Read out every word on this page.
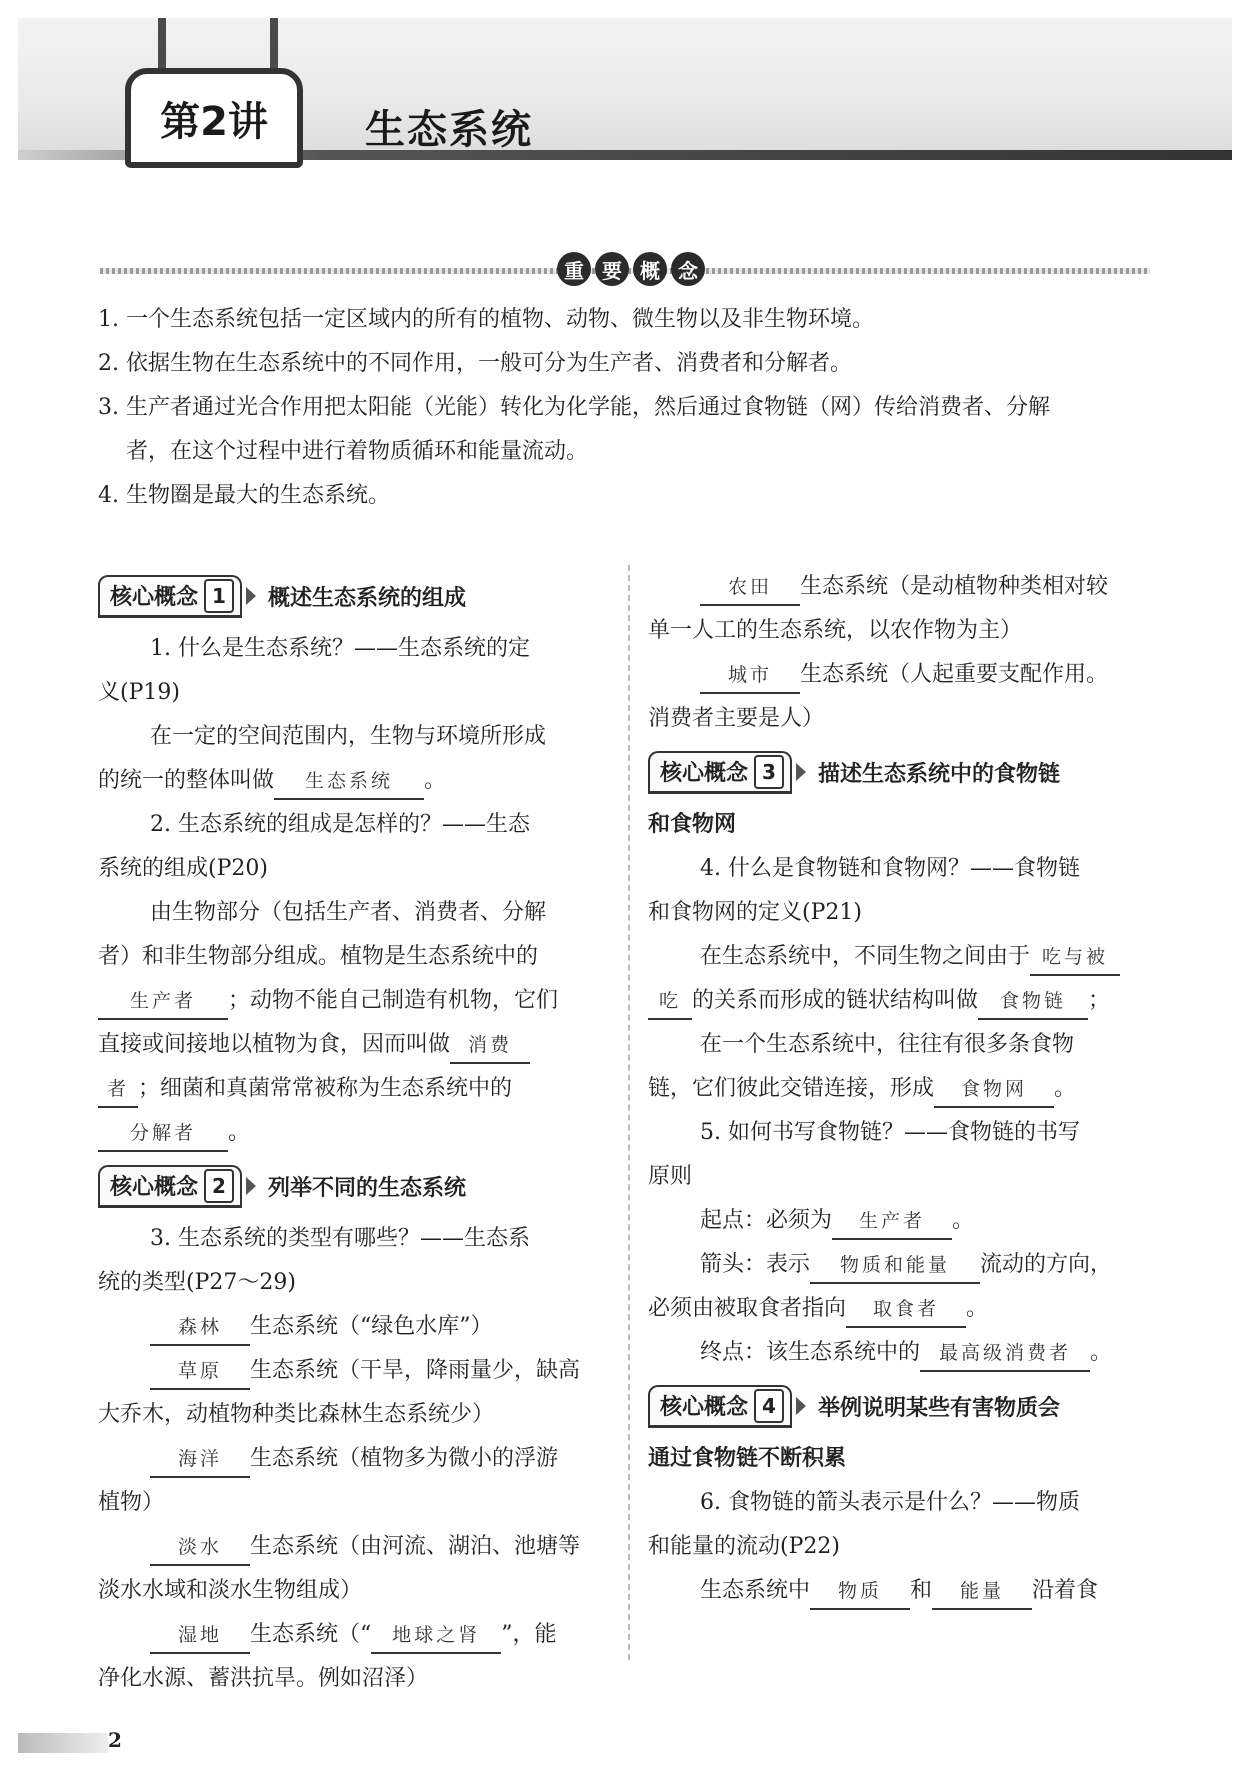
第2讲	生态系统
重 要 概 念
1. 一个生态系统包括一定区域内的所有的植物、动物、微生物以及非生物环境。
2. 依据生物在生态系统中的不同作用，一般可分为生产者、消费者和分解者。
3. 生产者通过光合作用把太阳能（光能）转化为化学能，然后通过食物链（网）传给消费者、分解
者，在这个过程中进行着物质循环和能量流动。
4. 生物圈是最大的生态系统。
核心概念 1	概述生态系统的组成
1. 什么是生态系统？——生态系统的定
义(P19)
在一定的空间范围内，生物与环境所形成
的统一的整体叫做 生态系统 。
2. 生态系统的组成是怎样的？——生态
系统的组成(P20)
由生物部分（包括生产者、消费者、分解
者）和非生物部分组成。植物是生态系统中的
生产者 ；动物不能自己制造有机物，它们
直接或间接地以植物为食，因而叫做 消费
者 ；细菌和真菌常常被称为生态系统中的
分解者 。
核心概念 2	列举不同的生态系统
3. 生态系统的类型有哪些？——生态系
统的类型(P27～29)
森林 生态系统（“绿色水库”）
草原 生态系统（干旱，降雨量少，缺高
大乔木，动植物种类比森林生态系统少）
海洋 生态系统（植物多为微小的浮游
植物）
淡水 生态系统（由河流、湖泊、池塘等
淡水水域和淡水生物组成）
湿地 生态系统（“ 地球之肾 ”，能
净化水源、蓄洪抗旱。例如沼泽）
农田 生态系统（是动植物种类相对较
单一人工的生态系统，以农作物为主）
城市 生态系统（人起重要支配作用。
消费者主要是人）
核心概念 3	描述生态系统中的食物链
和食物网
4. 什么是食物链和食物网？——食物链
和食物网的定义(P21)
在生态系统中，不同生物之间由于 吃与被
吃 的关系而形成的链状结构叫做 食物链 ；
在一个生态系统中，往往有很多条食物
链，它们彼此交错连接，形成 食物网 。
5. 如何书写食物链？——食物链的书写
原则
起点：必须为 生产者 。
箭头：表示 物质和能量 流动的方向，
必须由被取食者指向 取食者 。
终点：该生态系统中的 最高级消费者 。
核心概念 4	举例说明某些有害物质会
通过食物链不断积累
6. 食物链的箭头表示是什么？——物质
和能量的流动(P22)
生态系统中 物质 和 能量 沿着食
2
